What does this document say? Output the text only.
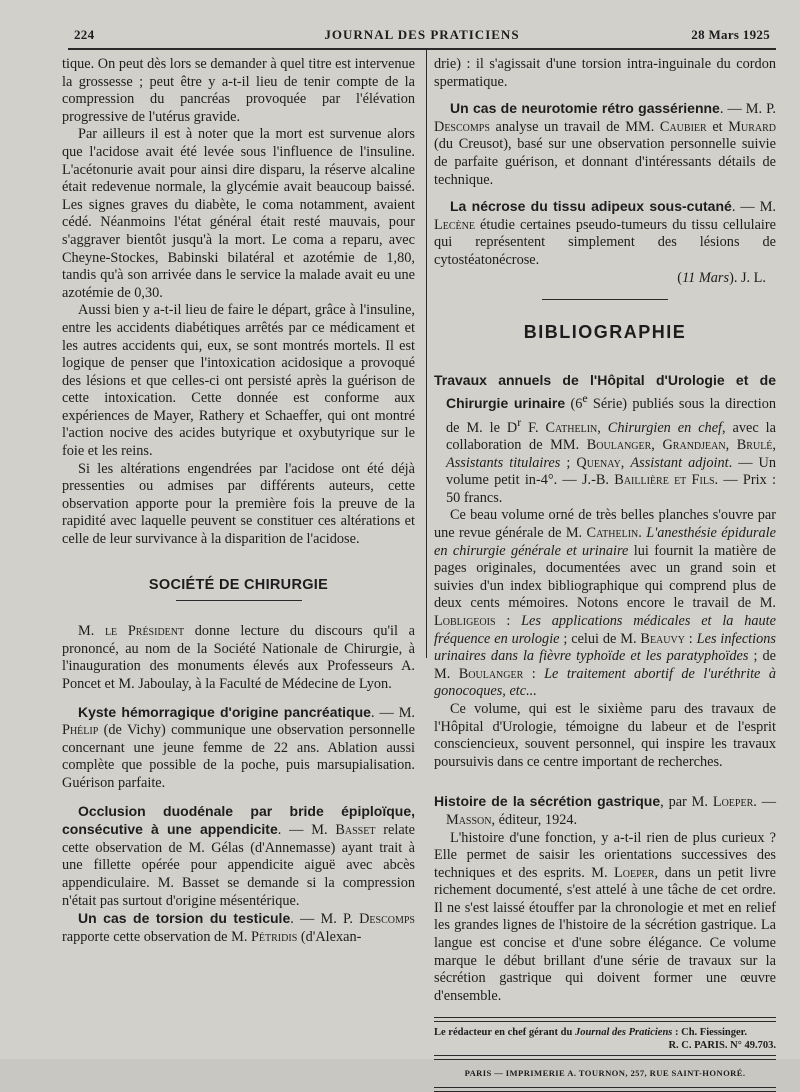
224	JOURNAL DES PRATICIENS	28 Mars 1925

tique. On peut dès lors se demander à quel titre est intervenue la grossesse ; peut être y a-t-il lieu de tenir compte de la compression du pancréas provoquée par l'élévation progressive de l'utérus gravide.

Par ailleurs il est à noter que la mort est survenue alors que l'acidose avait été levée sous l'influence de l'insuline. L'acétonurie avait pour ainsi dire disparu, la réserve alcaline était redevenue normale, la glycémie avait beaucoup baissé. Les signes graves du diabète, le coma notamment, avaient cédé. Néanmoins l'état général était resté mauvais, pour s'aggraver bientôt jusqu'à la mort. Le coma a reparu, avec Cheyne-Stockes, Babinski bilatéral et azotémie de 1,80, tandis qu'à son arrivée dans le service la malade avait eu une azotémie de 0,30.

Aussi bien y a-t-il lieu de faire le départ, grâce à l'insuline, entre les accidents diabétiques arrêtés par ce médicament et les autres accidents qui, eux, se sont montrés mortels. Il est logique de penser que l'intoxication acidosique a provoqué des lésions et que celles-ci ont persisté après la guérison de cette intoxication. Cette donnée est conforme aux expériences de Mayer, Rathery et Schaeffer, qui ont montré l'action nocive des acides butyrique et oxybutyrique sur le foie et les reins.

Si les altérations engendrées par l'acidose ont été déjà pressenties ou admises par différents auteurs, cette observation apporte pour la première fois la preuve de la rapidité avec laquelle peuvent se constituer ces altérations et celle de leur survivance à la disparition de l'acidose.

SOCIÉTÉ DE CHIRURGIE

M. le Président donne lecture du discours qu'il a prononcé, au nom de la Société Nationale de Chirurgie, à l'inauguration des monuments élevés aux Professeurs A. Poncet et M. Jaboulay, à la Faculté de Médecine de Lyon.

Kyste hémorragique d'origine pancréatique. — M. Phélip (de Vichy) communique une observation personnelle concernant une jeune femme de 22 ans. Ablation aussi complète que possible de la poche, puis marsupialisation. Guérison parfaite.

Occlusion duodénale par bride épiploïque, consécutive à une appendicite. — M. Basset relate cette observation de M. Gélas (d'Annemasse) ayant trait à une fillette opérée pour appendicite aiguë avec abcès appendiculaire. M. Basset se demande si la compression n'était pas surtout d'origine mésentérique.

Un cas de torsion du testicule. — M. P. Descomps rapporte cette observation de M. Pétridis (d'Alexan-

drie) : il s'agissait d'une torsion intra-inguinale du cordon spermatique.

Un cas de neurotomie rétro gassérienne. — M. P. Descomps analyse un travail de MM. Caubier et Murard (du Creusot), basé sur une observation personnelle suivie de parfaite guérison, et donnant d'intéressants détails de technique.

La nécrose du tissu adipeux sous-cutané. — M. Lecène étudie certaines pseudo-tumeurs du tissu cellulaire qui représentent simplement des lésions de cytostéatonécrose.

(11 Mars). J. L.

BIBLIOGRAPHIE

Travaux annuels de l'Hôpital d'Urologie et de Chirurgie urinaire (6e Série) publiés sous la direction de M. le $D^r$ F. Cathelin, Chirurgien en chef, avec la collaboration de MM. Boulanger, Grandjean, Brulé, Assistants titulaires ; Quenay, Assistant adjoint. — Un volume petit in-4°. — J.-B. Baillière et Fils. — Prix : 50 francs.

Ce beau volume orné de très belles planches s'ouvre par une revue générale de M. Cathelin. L'anesthésie épidurale en chirurgie générale et urinaire lui fournit la matière de pages originales, documentées avec un grand soin et suivies d'un index bibliographique qui comprend plus de deux cents mémoires. Notons encore le travail de M. Lobligeois : Les applications médicales et la haute fréquence en urologie ; celui de M. Beauvy : Les infections urinaires dans la fièvre typhoïde et les paratyphoïdes ; de M. Boulanger : Le traitement abortif de l'uréthrite à gonocoques, etc...

Ce volume, qui est le sixième paru des travaux de l'Hôpital d'Urologie, témoigne du labeur et de l'esprit consciencieux, souvent personnel, qui inspire les travaux poursuivis dans ce centre important de recherches.

Histoire de la sécrétion gastrique, par M. Loeper. — Masson, éditeur, 1924.

L'histoire d'une fonction, y a-t-il rien de plus curieux ? Elle permet de saisir les orientations successives des techniques et des esprits. M. Loeper, dans un petit livre richement documenté, s'est attelé à une tâche de cet ordre. Il ne s'est laissé étouffer par la chronologie et met en relief les grandes lignes de l'histoire de la sécrétion gastrique. La langue est concise et d'une sobre élégance. Ce volume marque le début brillant d'une série de travaux sur la sécrétion gastrique qui doivent former une œuvre d'ensemble.

Le rédacteur en chef gérant du Journal des Praticiens : Ch. Fiessinger.
R. C. PARIS. N° 49.703.
PARIS — IMPRIMERIE A. TOURNON, 257, RUE SAINT-HONORÉ.
